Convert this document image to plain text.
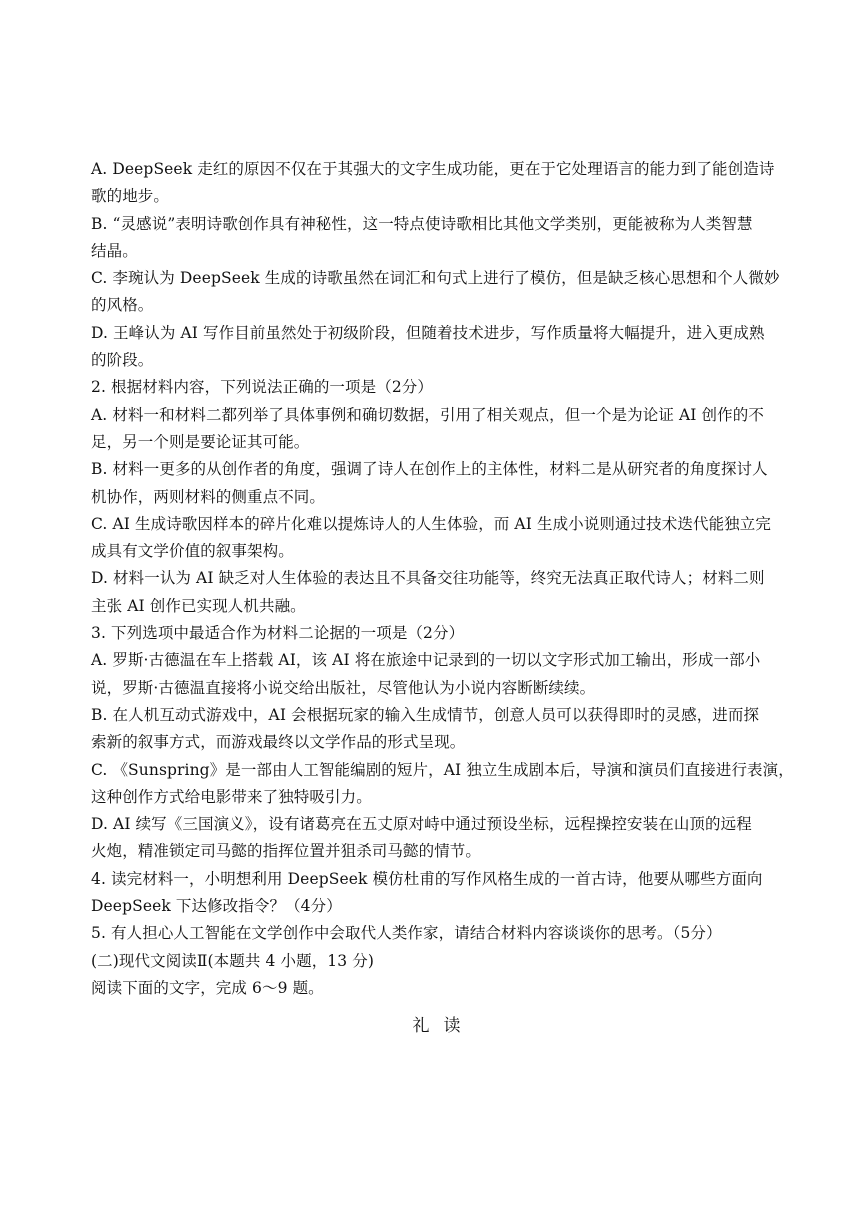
A. DeepSeek 走红的原因不仅在于其强大的文字生成功能，更在于它处理语言的能力到了能创造诗
歌的地步。
B. “灵感说”表明诗歌创作具有神秘性，这一特点使诗歌相比其他文学类别，更能被称为人类智慧
结晶。
C. 李琬认为 DeepSeek 生成的诗歌虽然在词汇和句式上进行了模仿，但是缺乏核心思想和个人微妙
的风格。
D. 王峰认为 AI 写作目前虽然处于初级阶段，但随着技术进步，写作质量将大幅提升，进入更成熟
的阶段。
2. 根据材料内容，下列说法正确的一项是（2分）
A. 材料一和材料二都列举了具体事例和确切数据，引用了相关观点，但一个是为论证 AI 创作的不
足，另一个则是要论证其可能。
B. 材料一更多的从创作者的角度，强调了诗人在创作上的主体性，材料二是从研究者的角度探讨人
机协作，两则材料的侧重点不同。
C. AI 生成诗歌因样本的碎片化难以提炼诗人的人生体验，而 AI 生成小说则通过技术迭代能独立完
成具有文学价值的叙事架构。
D. 材料一认为 AI 缺乏对人生体验的表达且不具备交往功能等，终究无法真正取代诗人；材料二则
主张 AI 创作已实现人机共融。
3. 下列选项中最适合作为材料二论据的一项是（2分）
A. 罗斯·古德温在车上搭载 AI，该 AI 将在旅途中记录到的一切以文字形式加工输出，形成一部小
说，罗斯·古德温直接将小说交给出版社，尽管他认为小说内容断断续续。
B. 在人机互动式游戏中，AI 会根据玩家的输入生成情节，创意人员可以获得即时的灵感，进而探
索新的叙事方式，而游戏最终以文学作品的形式呈现。
C. 《Sunspring》是一部由人工智能编剧的短片，AI 独立生成剧本后，导演和演员们直接进行表演，
这种创作方式给电影带来了独特吸引力。
D. AI 续写《三国演义》，设有诸葛亮在五丈原对峙中通过预设坐标，远程操控安装在山顶的远程
火炮，精准锁定司马懿的指挥位置并狙杀司马懿的情节。
4. 读完材料一，小明想利用 DeepSeek 模仿杜甫的写作风格生成的一首古诗，他要从哪些方面向
DeepSeek 下达修改指令？（4分）
5. 有人担心人工智能在文学创作中会取代人类作家，请结合材料内容谈谈你的思考。（5分）
(二)现代文阅读Ⅱ(本题共 4 小题，13 分)
阅读下面的文字，完成 6～9 题。
礼读
